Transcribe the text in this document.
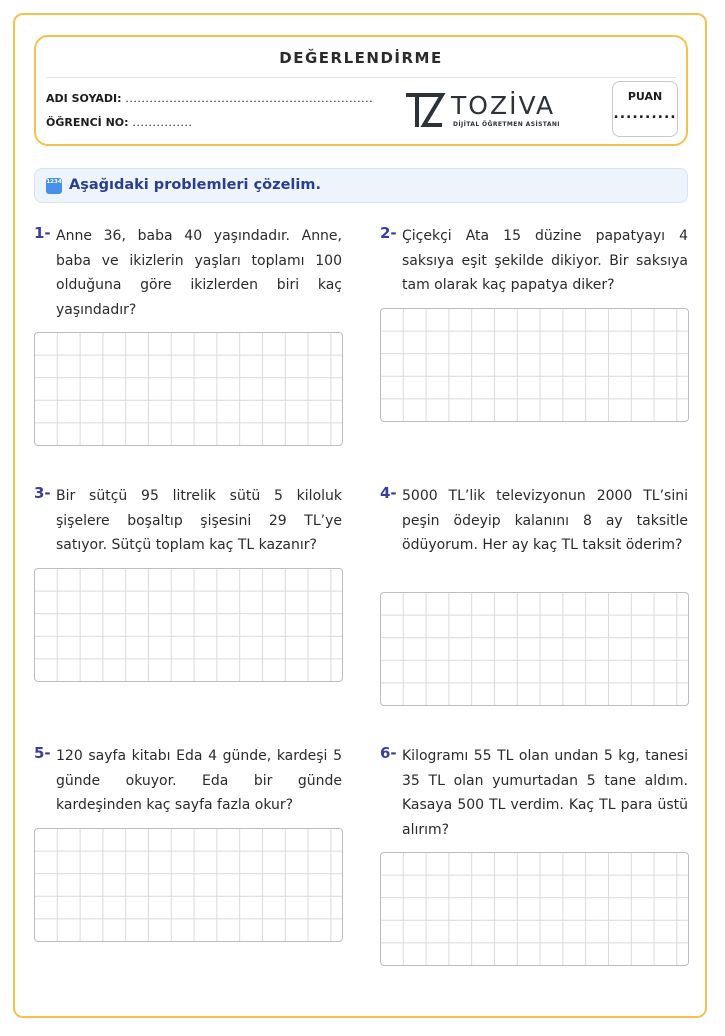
DEĞERLENDİRME
ADI SOYADI: ..............................................................
ÖĞRENCİ NO: ...............
TOZİVA
DİJİTAL ÖĞRETMEN ASİSTANI
PUAN
..........
1234 Aşağıdaki problemleri çözelim.
1- Anne 36, baba 40 yaşındadır. Anne, baba ve ikizlerin yaşları toplamı 100 olduğuna göre ikizlerden biri kaç yaşındadır?
2- Çiçekçi Ata 15 düzine papatyayı 4 saksıya eşit şekilde dikiyor. Bir saksıya tam olarak kaç papatya diker?
3- Bir sütçü 95 litrelik sütü 5 kiloluk şişelere boşaltıp şişesini 29 TL’ye satıyor. Sütçü toplam kaç TL kazanır?
4- 5000 TL’lik televizyonun 2000 TL’sini peşin ödeyip kalanını 8 ay taksitle ödüyorum. Her ay kaç TL taksit öderim?
5- 120 sayfa kitabı Eda 4 günde, kardeşi 5 günde okuyor. Eda bir günde kardeşinden kaç sayfa fazla okur?
6- Kilogramı 55 TL olan undan 5 kg, tanesi 35 TL olan yumurtadan 5 tane aldım. Kasaya 500 TL verdim. Kaç TL para üstü alırım?
